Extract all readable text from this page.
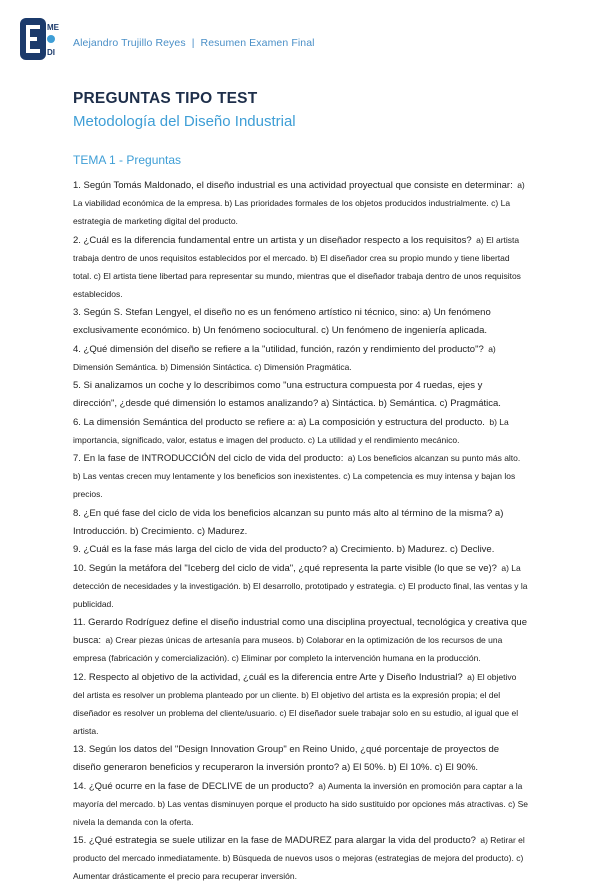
ME
DI
Alejandro Trujillo Reyes | Resumen Examen Final
PREGUNTAS TIPO TEST
Metodología del Diseño Industrial
TEMA 1 - Preguntas

1. Según Tomás Maldonado, el diseño industrial es una actividad proyectual que consiste en determinar: a) La viabilidad económica de la empresa. b) Las prioridades formales de los objetos producidos industrialmente. c) La estrategia de marketing digital del producto.

2. ¿Cuál es la diferencia fundamental entre un artista y un diseñador respecto a los requisitos? a) El artista trabaja dentro de unos requisitos establecidos por el mercado. b) El diseñador crea su propio mundo y tiene libertad total. c) El artista tiene libertad para representar su mundo, mientras que el diseñador trabaja dentro de unos requisitos establecidos.

3. Según S. Stefan Lengyel, el diseño no es un fenómeno artístico ni técnico, sino: a) Un fenómeno exclusivamente económico. b) Un fenómeno sociocultural. c) Un fenómeno de ingeniería aplicada.

4. ¿Qué dimensión del diseño se refiere a la "utilidad, función, razón y rendimiento del producto"? a) Dimensión Semántica. b) Dimensión Sintáctica. c) Dimensión Pragmática.

5. Si analizamos un coche y lo describimos como "una estructura compuesta por 4 ruedas, ejes y dirección", ¿desde qué dimensión lo estamos analizando? a) Sintáctica. b) Semántica. c) Pragmática.

6. La dimensión Semántica del producto se refiere a: a) La composición y estructura del producto. b) La importancia, significado, valor, estatus e imagen del producto. c) La utilidad y el rendimiento mecánico.

7. En la fase de INTRODUCCIÓN del ciclo de vida del producto: a) Los beneficios alcanzan su punto más alto. b) Las ventas crecen muy lentamente y los beneficios son inexistentes. c) La competencia es muy intensa y bajan los precios.

8. ¿En qué fase del ciclo de vida los beneficios alcanzan su punto más alto al término de la misma? a) Introducción. b) Crecimiento. c) Madurez.

9. ¿Cuál es la fase más larga del ciclo de vida del producto? a) Crecimiento. b) Madurez. c) Declive.

10. Según la metáfora del "Iceberg del ciclo de vida", ¿qué representa la parte visible (lo que se ve)? a) La detección de necesidades y la investigación. b) El desarrollo, prototipado y estrategia. c) El producto final, las ventas y la publicidad.

11. Gerardo Rodríguez define el diseño industrial como una disciplina proyectual, tecnológica y creativa que busca: a) Crear piezas únicas de artesanía para museos. b) Colaborar en la optimización de los recursos de una empresa (fabricación y comercialización). c) Eliminar por completo la intervención humana en la producción.

12. Respecto al objetivo de la actividad, ¿cuál es la diferencia entre Arte y Diseño Industrial? a) El objetivo del artista es resolver un problema planteado por un cliente. b) El objetivo del artista es la expresión propia; el del diseñador es resolver un problema del cliente/usuario. c) El diseñador suele trabajar solo en su estudio, al igual que el artista.

13. Según los datos del "Design Innovation Group" en Reino Unido, ¿qué porcentaje de proyectos de diseño generaron beneficios y recuperaron la inversión pronto? a) El 50%. b) El 10%. c) El 90%.

14. ¿Qué ocurre en la fase de DECLIVE de un producto? a) Aumenta la inversión en promoción para captar a la mayoría del mercado. b) Las ventas disminuyen porque el producto ha sido sustituido por opciones más atractivas. c) Se nivela la demanda con la oferta.

15. ¿Qué estrategia se suele utilizar en la fase de MADUREZ para alargar la vida del producto? a) Retirar el producto del mercado inmediatamente. b) Búsqueda de nuevos usos o mejoras (estrategias de mejora del producto). c) Aumentar drásticamente el precio para recuperar inversión.
